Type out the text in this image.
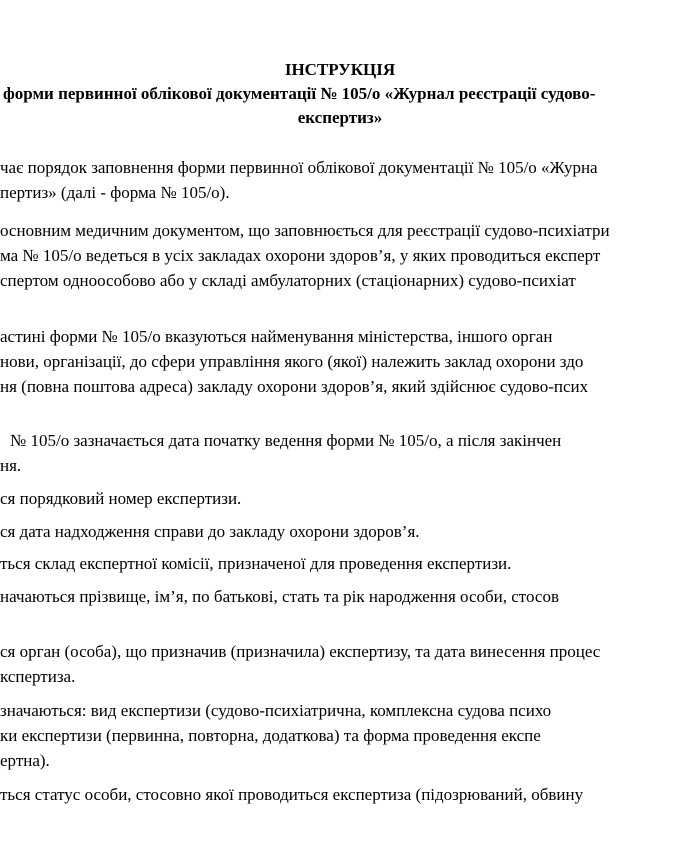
ІНСТРУКЦІЯ
форми первинної облікової документації № 105/о «Журнал реєстрації судово-
експертиз»
чає порядок заповнення форми первинної облікової документації № 105/о «Журна
пертиз» (далі - форма № 105/о).
основним медичним документом, що заповнюється для реєстрації судово-психіатри
ма № 105/о ведеться в усіх закладах охорони здоров’я, у яких проводиться експерт
спертом одноособово або у складі амбулаторних (стаціонарних) судово-психіат
астині форми № 105/о вказуються найменування міністерства, іншого орган
нови, організації, до сфери управління якого (якої) належить заклад охорони здо
ня (повна поштова адреса) закладу охорони здоров’я, який здійснює судово-псих
№ 105/о зазначається дата початку ведення форми № 105/о, а після закінчен
ня.
ся порядковий номер експертизи.
ся дата надходження справи до закладу охорони здоров’я.
ться склад експертної комісії, призначеної для проведення експертизи.
начаються прізвище, ім’я, по батькові, стать та рік народження особи, стосов
ся орган (особа), що призначив (призначила) експертизу, та дата винесення процес
кспертиза.
значаються: вид експертизи (судово-психіатрична, комплексна судова психо
ки експертизи (первинна, повторна, додаткова) та форма проведення експе
ертна).
ться статус особи, стосовно якої проводиться експертиза (підозрюваний, обвину
